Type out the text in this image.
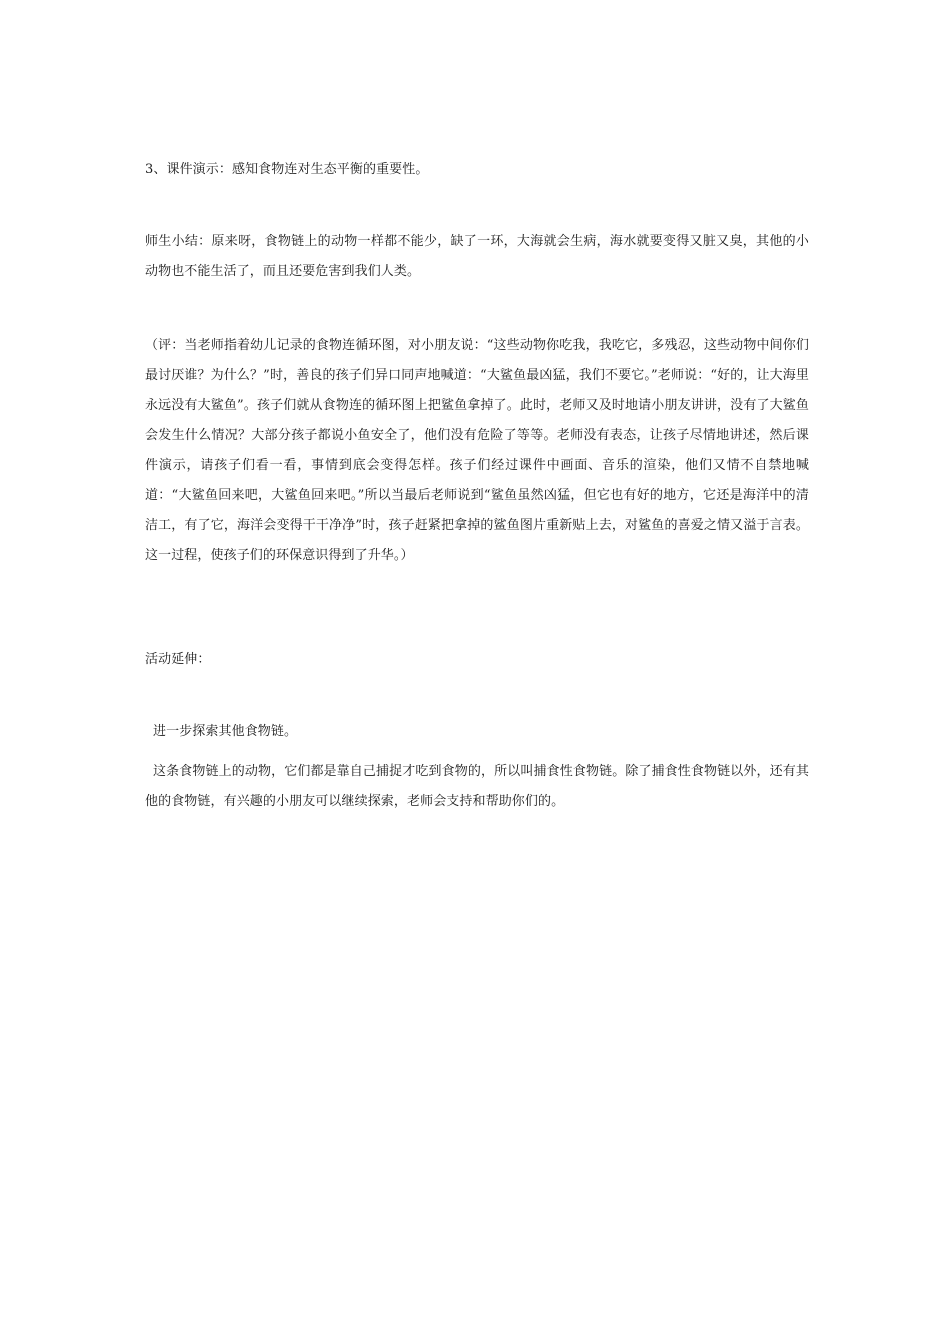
3、课件演示：感知食物连对生态平衡的重要性。

师生小结：原来呀，食物链上的动物一样都不能少，缺了一环，大海就会生病，海水就要变得又脏又臭，其他的小动物也不能生活了，而且还要危害到我们人类。

（评：当老师指着幼儿记录的食物连循环图，对小朋友说：“这些动物你吃我，我吃它，多残忍，这些动物中间你们最讨厌谁？为什么？”时，善良的孩子们异口同声地喊道：“大鲨鱼最凶猛，我们不要它。”老师说：“好的，让大海里永远没有大鲨鱼”。孩子们就从食物连的循环图上把鲨鱼拿掉了。此时，老师又及时地请小朋友讲讲，没有了大鲨鱼会发生什么情况？大部分孩子都说小鱼安全了，他们没有危险了等等。老师没有表态，让孩子尽情地讲述，然后课件演示，请孩子们看一看，事情到底会变得怎样。孩子们经过课件中画面、音乐的渲染，他们又情不自禁地喊道：“大鲨鱼回来吧，大鲨鱼回来吧。”所以当最后老师说到“鲨鱼虽然凶猛，但它也有好的地方，它还是海洋中的清洁工，有了它，海洋会变得干干净净”时，孩子赶紧把拿掉的鲨鱼图片重新贴上去，对鲨鱼的喜爱之情又溢于言表。这一过程，使孩子们的环保意识得到了升华。）

活动延伸：

进一步探索其他食物链。

这条食物链上的动物，它们都是靠自己捕捉才吃到食物的，所以叫捕食性食物链。除了捕食性食物链以外，还有其他的食物链，有兴趣的小朋友可以继续探索，老师会支持和帮助你们的。
